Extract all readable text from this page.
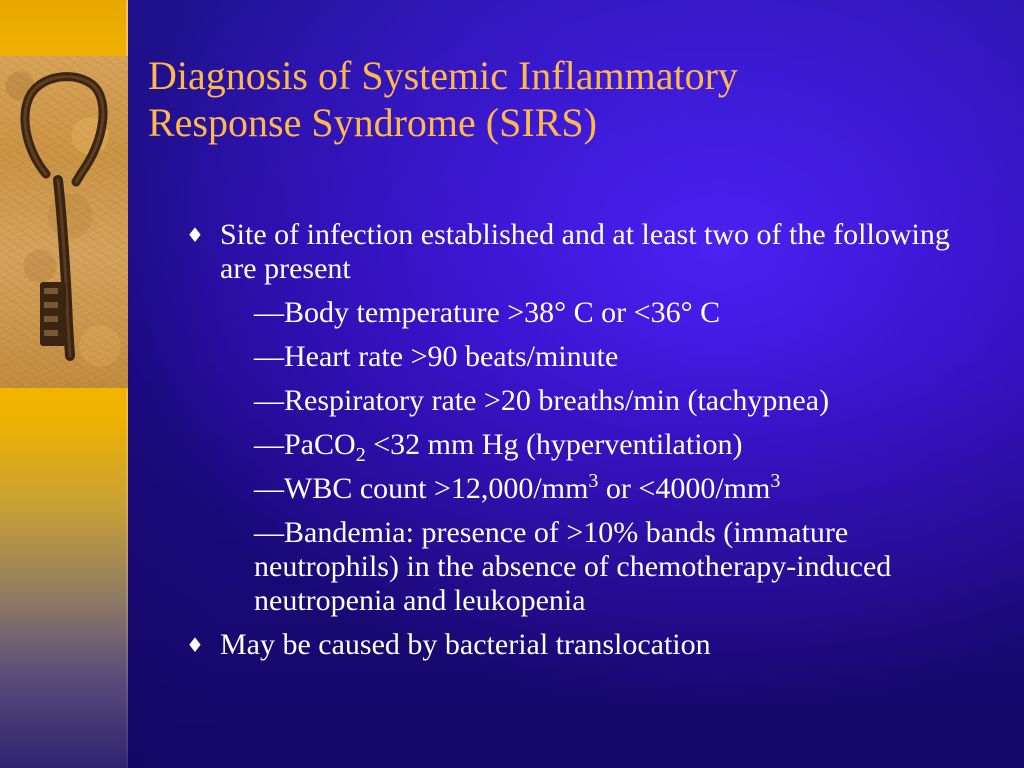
Diagnosis of Systemic Inflammatory
Response Syndrome (SIRS)
♦ Site of infection established and at least two of the following are present
—Body temperature >38° C or <36° C
—Heart rate >90 beats/minute
—Respiratory rate >20 breaths/min (tachypnea)
—PaCO$_2$ <32 mm Hg (hyperventilation)
—WBC count $>12,000/mm^3$ or $<4000/mm^3$
—Bandemia: presence of >10% bands (immature neutrophils) in the absence of chemotherapy-induced neutropenia and leukopenia
♦ May be caused by bacterial translocation
